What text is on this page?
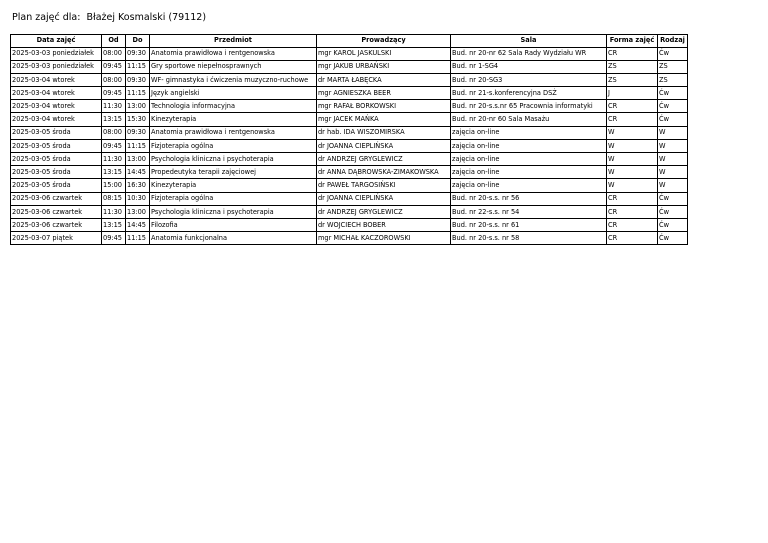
Plan zajęć dla: Błażej Kosmalski (79112)
Data zajęć	Od	Do	Przedmiot	Prowadzący	Sala	Forma zajęć	Rodzaj
2025-03-03 poniedziałek	08:00	09:30	Anatomia prawidłowa i rentgenowska	mgr KAROL JASKULSKI	Bud. nr 20-nr 62 Sala Rady Wydziału WR	CR	Ćw
2025-03-03 poniedziałek	09:45	11:15	Gry sportowe niepełnosprawnych	mgr JAKUB URBAŃSKI	Bud. nr 1-SG4	ZS	ZS
2025-03-04 wtorek	08:00	09:30	WF- gimnastyka i ćwiczenia muzyczno-ruchowe	dr MARTA ŁABĘCKA	Bud. nr 20-SG3	ZS	ZS
2025-03-04 wtorek	09:45	11:15	Język angielski	mgr AGNIESZKA BEER	Bud. nr 21-s.konferencyjna DSŻ	J	Ćw
2025-03-04 wtorek	11:30	13:00	Technologia informacyjna	mgr RAFAŁ BORKOWSKI	Bud. nr 20-s.s.nr 65 Pracownia informatyki	CR	Ćw
2025-03-04 wtorek	13:15	15:30	Kinezyterapia	mgr JACEK MAŃKA	Bud. nr 20-nr 60 Sala Masażu	CR	Ćw
2025-03-05 środa	08:00	09:30	Anatomia prawidłowa i rentgenowska	dr hab. IDA WISZOMIRSKA	zajęcia on-line	W	W
2025-03-05 środa	09:45	11:15	Fizjoterapia ogólna	dr JOANNA CIEPLIŃSKA	zajęcia on-line	W	W
2025-03-05 środa	11:30	13:00	Psychologia kliniczna i psychoterapia	dr ANDRZEJ GRYGLEWICZ	zajęcia on-line	W	W
2025-03-05 środa	13:15	14:45	Propedeutyka terapii zajęciowej	dr ANNA DĄBROWSKA-ZIMAKOWSKA	zajęcia on-line	W	W
2025-03-05 środa	15:00	16:30	Kinezyterapia	dr PAWEŁ TARGOSIŃSKI	zajęcia on-line	W	W
2025-03-06 czwartek	08:15	10:30	Fizjoterapia ogólna	dr JOANNA CIEPLIŃSKA	Bud. nr 20-s.s. nr 56	CR	Ćw
2025-03-06 czwartek	11:30	13:00	Psychologia kliniczna i psychoterapia	dr ANDRZEJ GRYGLEWICZ	Bud. nr 22-s.s. nr 54	CR	Ćw
2025-03-06 czwartek	13:15	14:45	Filozofia	dr WOJCIECH BOBER	Bud. nr 20-s.s. nr 61	CR	Ćw
2025-03-07 piątek	09:45	11:15	Anatomia funkcjonalna	mgr MICHAŁ KACZOROWSKI	Bud. nr 20-s.s. nr 58	CR	Ćw
